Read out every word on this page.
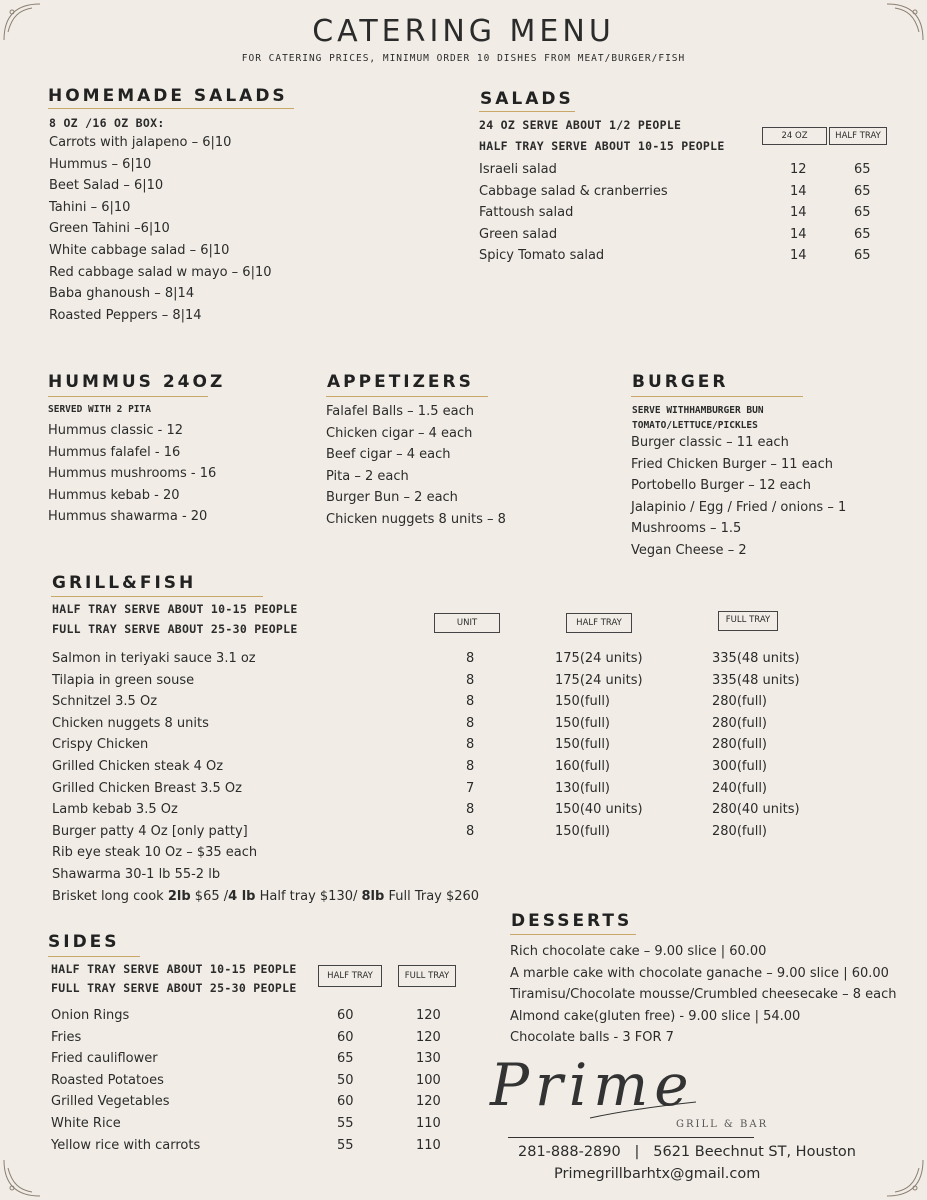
CATERING MENU
FOR CATERING PRICES, MINIMUM ORDER 10 DISHES FROM MEAT/BURGER/FISH
HOMEMADE SALADS
8 OZ /16 OZ BOX:
Carrots with jalapeno – 6|10
Hummus – 6|10
Beet Salad – 6|10
Tahini – 6|10
Green Tahini –6|10
White cabbage salad – 6|10
Red cabbage salad w mayo – 6|10
Baba ghanoush – 8|14
Roasted Peppers – 8|14
SALADS
24 OZ SERVE ABOUT 1/2 PEOPLE
HALF TRAY SERVE ABOUT 10-15 PEOPLE
24 OZ	HALF TRAY
Israeli salad	12	65
Cabbage salad & cranberries	14	65
Fattoush salad	14	65
Green salad	14	65
Spicy Tomato salad	14	65
HUMMUS 24OZ
SERVED WITH 2 PITA
Hummus classic - 12
Hummus falafel - 16
Hummus mushrooms - 16
Hummus kebab - 20
Hummus shawarma - 20
APPETIZERS
Falafel Balls – 1.5 each
Chicken cigar – 4 each
Beef cigar – 4 each
Pita – 2 each
Burger Bun – 2 each
Chicken nuggets 8 units – 8
BURGER
SERVE WITHHAMBURGER BUN
TOMATO/LETTUCE/PICKLES
Burger classic – 11 each
Fried Chicken Burger – 11 each
Portobello Burger – 12 each
Jalapinio / Egg / Fried / onions – 1
Mushrooms – 1.5
Vegan Cheese – 2
GRILL&FISH
HALF TRAY SERVE ABOUT 10-15 PEOPLE
FULL TRAY SERVE ABOUT 25-30 PEOPLE	UNIT	HALF TRAY	FULL TRAY
Salmon in teriyaki sauce 3.1 oz	8	175(24 units)	335(48 units)
Tilapia in green souse	8	175(24 units)	335(48 units)
Schnitzel 3.5 Oz	8	150(full)	280(full)
Chicken nuggets 8 units	8	150(full)	280(full)
Crispy Chicken	8	150(full)	280(full)
Grilled Chicken steak 4 Oz	8	160(full)	300(full)
Grilled Chicken Breast 3.5 Oz	7	130(full)	240(full)
Lamb kebab 3.5 Oz	8	150(40 units)	280(40 units)
Burger patty 4 Oz [only patty]	8	150(full)	280(full)
Rib eye steak 10 Oz – $35 each
Shawarma 30-1 lb 55-2 lb
Brisket long cook 2lb $65 /4 lb Half tray $130/ 8lb Full Tray $260
SIDES
HALF TRAY SERVE ABOUT 10-15 PEOPLE
FULL TRAY SERVE ABOUT 25-30 PEOPLE
HALF TRAY	FULL TRAY
Onion Rings	60	120
Fries	60	120
Fried cauliflower	65	130
Roasted Potatoes	50	100
Grilled Vegetables	60	120
White Rice	55	110
Yellow rice with carrots	55	110
DESSERTS
Rich chocolate cake – 9.00 slice | 60.00
A marble cake with chocolate ganache – 9.00 slice | 60.00
Tiramisu/Chocolate mousse/Crumbled cheesecake – 8 each
Almond cake(gluten free) - 9.00 slice | 54.00
Chocolate balls - 3 FOR 7
Prime
GRILL & BAR
281-888-2890   |   5621 Beechnut ST, Houston
Primegrillbarhtx@gmail.com
